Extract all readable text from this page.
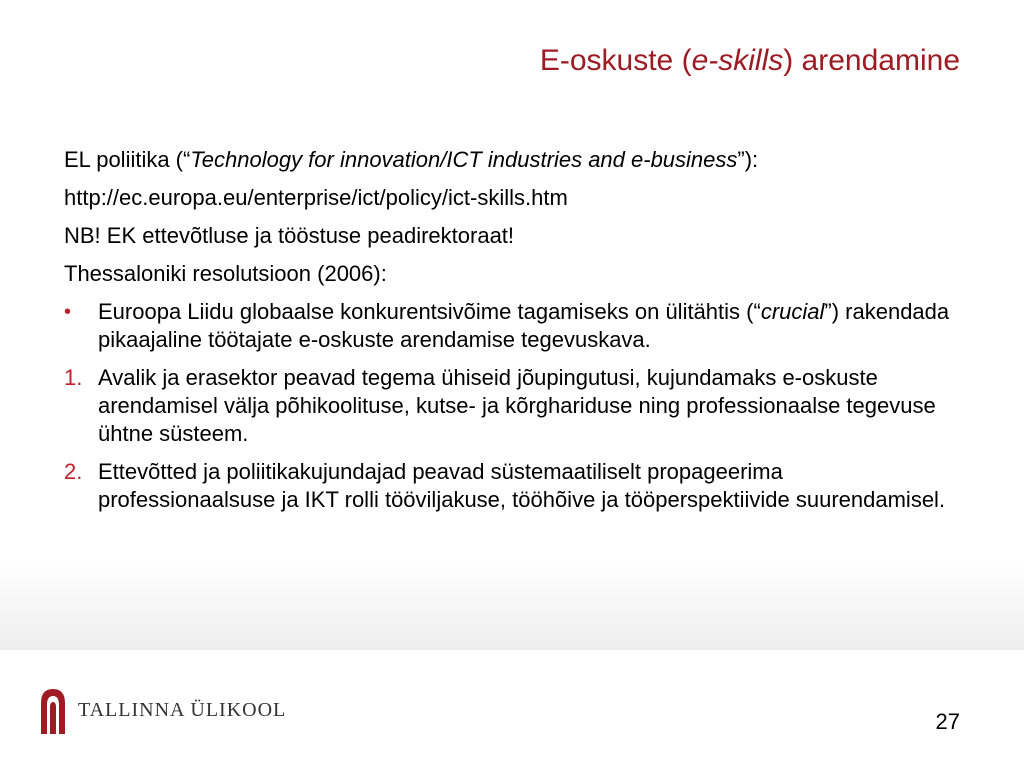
E-oskuste (e-skills) arendamine
EL poliitika (“Technology for innovation/ICT industries and e-business”):
http://ec.europa.eu/enterprise/ict/policy/ict-skills.htm
NB! EK ettevõtluse ja tööstuse peadirektoraat!
Thessaloniki resolutsioon (2006):
• Euroopa Liidu globaalse konkurentsivõime tagamiseks on ülitähtis (“crucial”) rakendada pikaajaline töötajate e-oskuste arendamise tegevuskava.
1. Avalik ja erasektor peavad tegema ühiseid jõupingutusi, kujundamaks e-oskuste arendamisel välja põhikoolituse, kutse- ja kõrghariduse ning professionaalse tegevuse ühtne süsteem.
2. Ettevõtted ja poliitikakujundajad peavad süstemaatiliselt propageerima professionaalsuse ja IKT rolli tööviljakuse, tööhõive ja tööperspektiivide suurendamisel.
TALLINNA ÜLIKOOL	27
